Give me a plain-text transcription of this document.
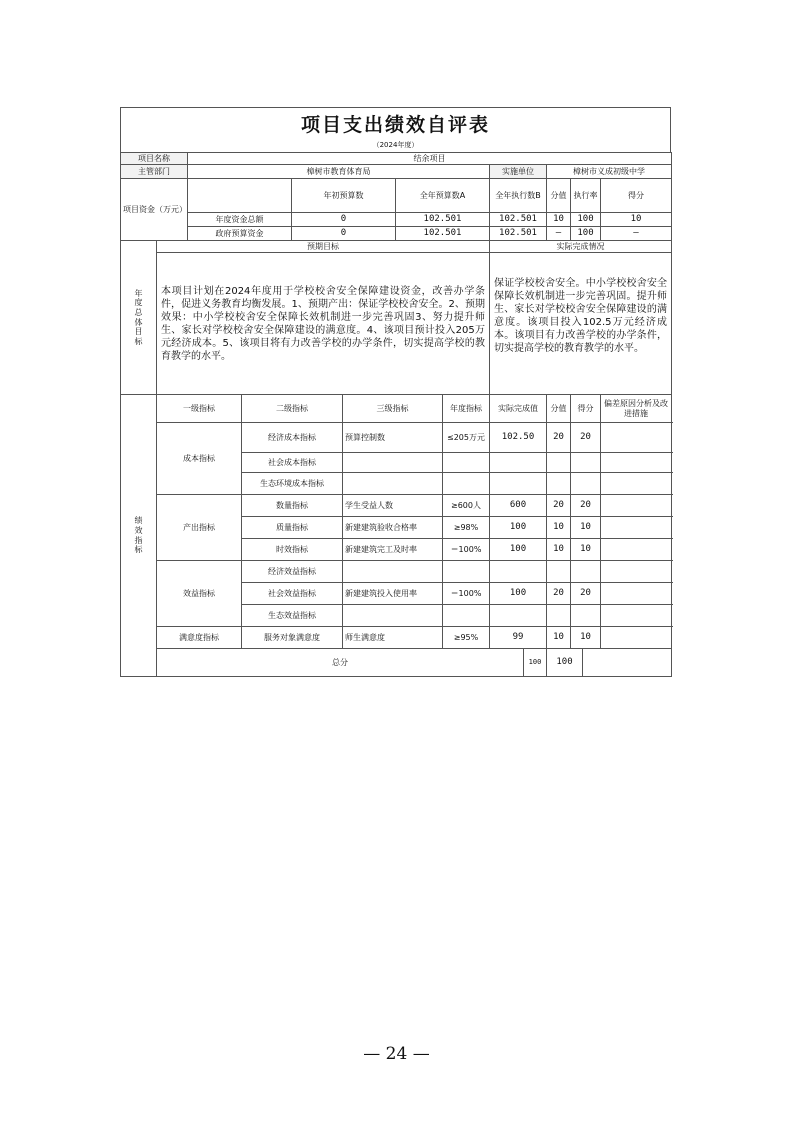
项目支出绩效自评表
（2024年度）
项目名称		结余项目											
主管部门		樟树市教育体育局						实施单位		樟树市义成初级中学			
项目资金（万元）				年初预算数		全年预算数A		全年执行数B		分值	执行率		得分
		年度资金总额		0		102.501		102.501		10	100		10
		政府预算资金		0		102.501		102.501		—	100		—
年度总体目标	预期目标							实际完成情况					
	本项目计划在2024年度用于学校校舍安全保障建设资金，改善办学条件，促进义务教育均衡发展。1、预期产出：保证学校校舍安全。2、预期效果：中小学校校舍安全保障长效机制进一步完善巩固3、努力提升师生、家长对学校校舍安全保障建设的满意度。4、该项目预计投入205万元经济成本。5、该项目将有力改善学校的办学条件，切实提高学校的教育教学的水平。							保证学校校舍安全。中小学校校舍安全保障长效机制进一步完善巩固。提升师生、家长对学校校舍安全保障建设的满意度。该项目投入102.5万元经济成本。该项目有力改善学校的办学条件，切实提高学校的教育教学的水平。					
绩效指标	一级指标		二级指标		三级指标		年度指标	实际完成值		分值	得分		偏差原因分析及改进措施
	成本指标		经济成本指标		预算控制数		≤205万元	102.50		20	20		
			社会成本指标										
			生态环境成本指标										
	产出指标		数量指标		学生受益人数		≥600人	600		20	20		
			质量指标		新建建筑验收合格率		≥98%	100		10	10		
			时效指标		新建建筑完工及时率		＝100%	100		10	10		
	效益指标		经济效益指标										
			社会效益指标		新建建筑投入使用率		＝100%	100		20	20		
			生态效益指标										
	满意度指标		服务对象满意度		师生满意度		≥95%	99		10	10		
	总分								100	100			
— 24 —
